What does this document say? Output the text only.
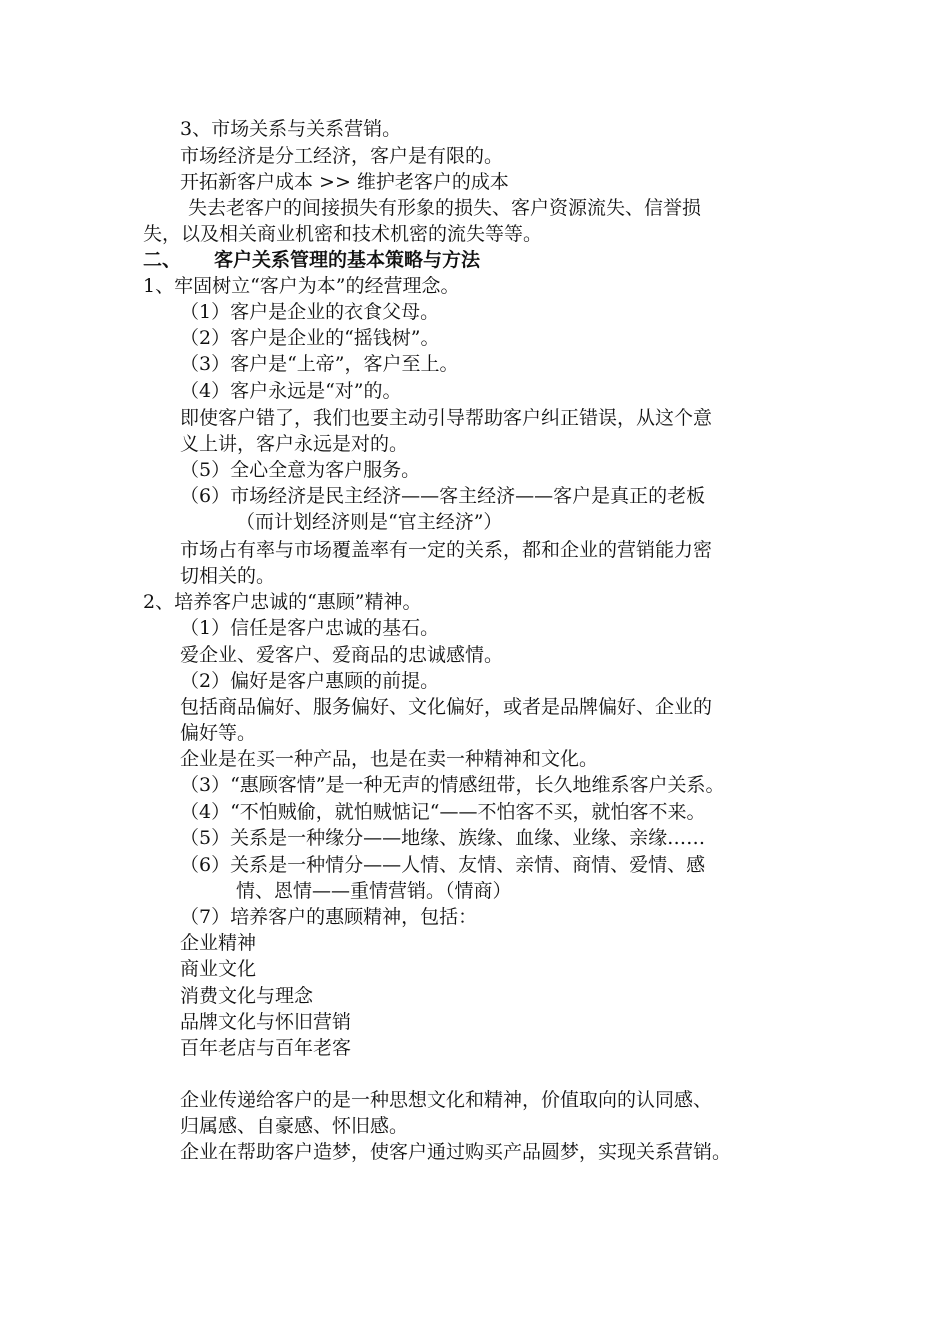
3、市场关系与关系营销。
市场经济是分工经济，客户是有限的。
开拓新客户成本 >> 维护老客户的成本
失去老客户的间接损失有形象的损失、客户资源流失、信誉损
失，以及相关商业机密和技术机密的流失等等。
二、 客户关系管理的基本策略与方法
1、牢固树立“客户为本”的经营理念。
（1）客户是企业的衣食父母。
（2）客户是企业的“摇钱树”。
（3）客户是“上帝”，客户至上。
（4）客户永远是“对”的。
即使客户错了，我们也要主动引导帮助客户纠正错误，从这个意
义上讲，客户永远是对的。
（5）全心全意为客户服务。
（6）市场经济是民主经济——客主经济——客户是真正的老板
（而计划经济则是“官主经济”）
市场占有率与市场覆盖率有一定的关系，都和企业的营销能力密
切相关的。
2、培养客户忠诚的“惠顾”精神。
（1）信任是客户忠诚的基石。
爱企业、爱客户、爱商品的忠诚感情。
（2）偏好是客户惠顾的前提。
包括商品偏好、服务偏好、文化偏好，或者是品牌偏好、企业的
偏好等。
企业是在买一种产品，也是在卖一种精神和文化。
（3）“惠顾客情”是一种无声的情感纽带，长久地维系客户关系。
（4）“不怕贼偷，就怕贼惦记“——不怕客不买，就怕客不来。
（5）关系是一种缘分——地缘、族缘、血缘、业缘、亲缘……
（6）关系是一种情分——人情、友情、亲情、商情、爱情、感
情、恩情——重情营销。（情商）
（7）培养客户的惠顾精神，包括：
企业精神
商业文化
消费文化与理念
品牌文化与怀旧营销
百年老店与百年老客
企业传递给客户的是一种思想文化和精神，价值取向的认同感、
归属感、自豪感、怀旧感。
企业在帮助客户造梦，使客户通过购买产品圆梦，实现关系营销。
